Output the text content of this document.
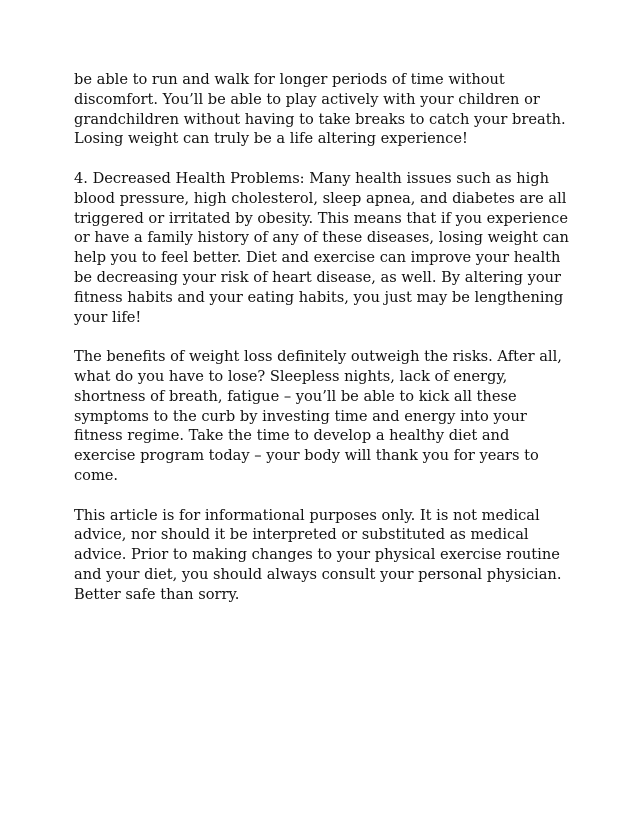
be able to run and walk for longer periods of time without
discomfort. You’ll be able to play actively with your children or
grandchildren without having to take breaks to catch your breath.
Losing weight can truly be a life altering experience!

4. Decreased Health Problems: Many health issues such as high
blood pressure, high cholesterol, sleep apnea, and diabetes are all
triggered or irritated by obesity. This means that if you experience
or have a family history of any of these diseases, losing weight can
help you to feel better. Diet and exercise can improve your health
be decreasing your risk of heart disease, as well. By altering your
fitness habits and your eating habits, you just may be lengthening
your life!

The benefits of weight loss definitely outweigh the risks. After all,
what do you have to lose? Sleepless nights, lack of energy,
shortness of breath, fatigue – you’ll be able to kick all these
symptoms to the curb by investing time and energy into your
fitness regime. Take the time to develop a healthy diet and
exercise program today – your body will thank you for years to
come.

This article is for informational purposes only. It is not medical
advice, nor should it be interpreted or substituted as medical
advice. Prior to making changes to your physical exercise routine
and your diet, you should always consult your personal physician.
Better safe than sorry.
